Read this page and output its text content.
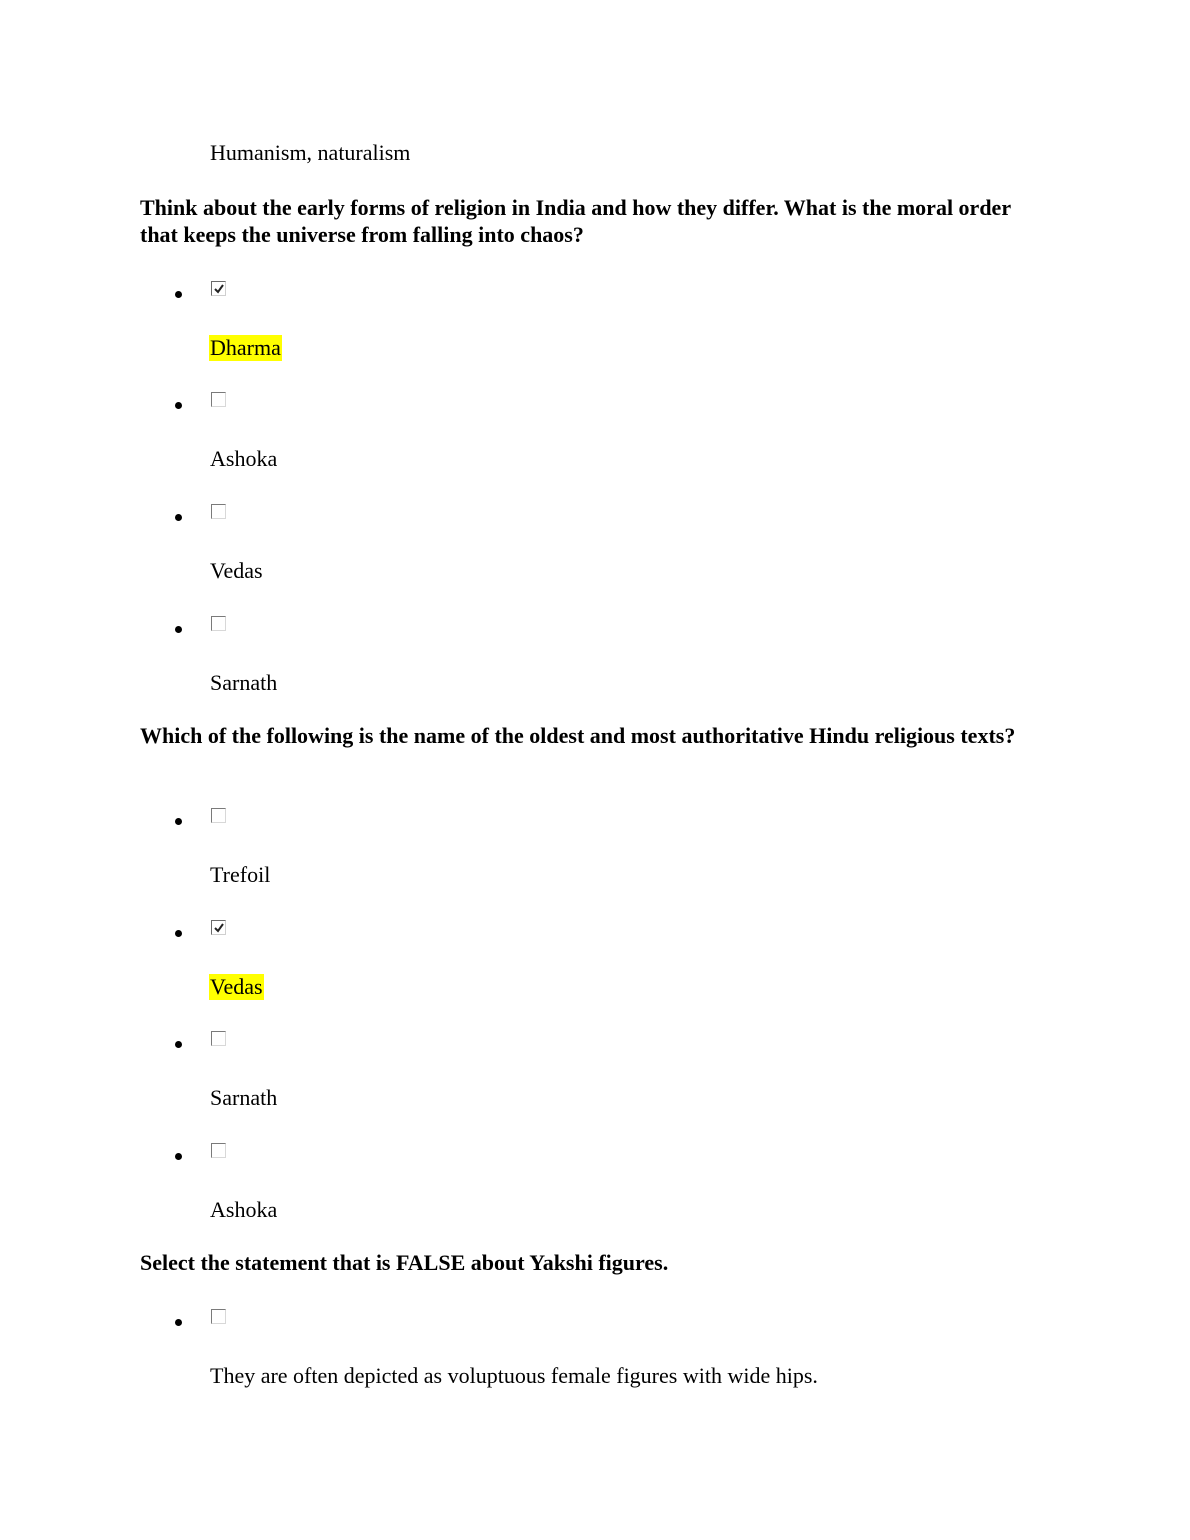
Humanism, naturalism

Think about the early forms of religion in India and how they differ. What is the moral order that keeps the universe from falling into chaos?

Dharma
Ashoka
Vedas
Sarnath

Which of the following is the name of the oldest and most authoritative Hindu religious texts?

Trefoil
Vedas
Sarnath
Ashoka

Select the statement that is FALSE about Yakshi figures.

They are often depicted as voluptuous female figures with wide hips.
